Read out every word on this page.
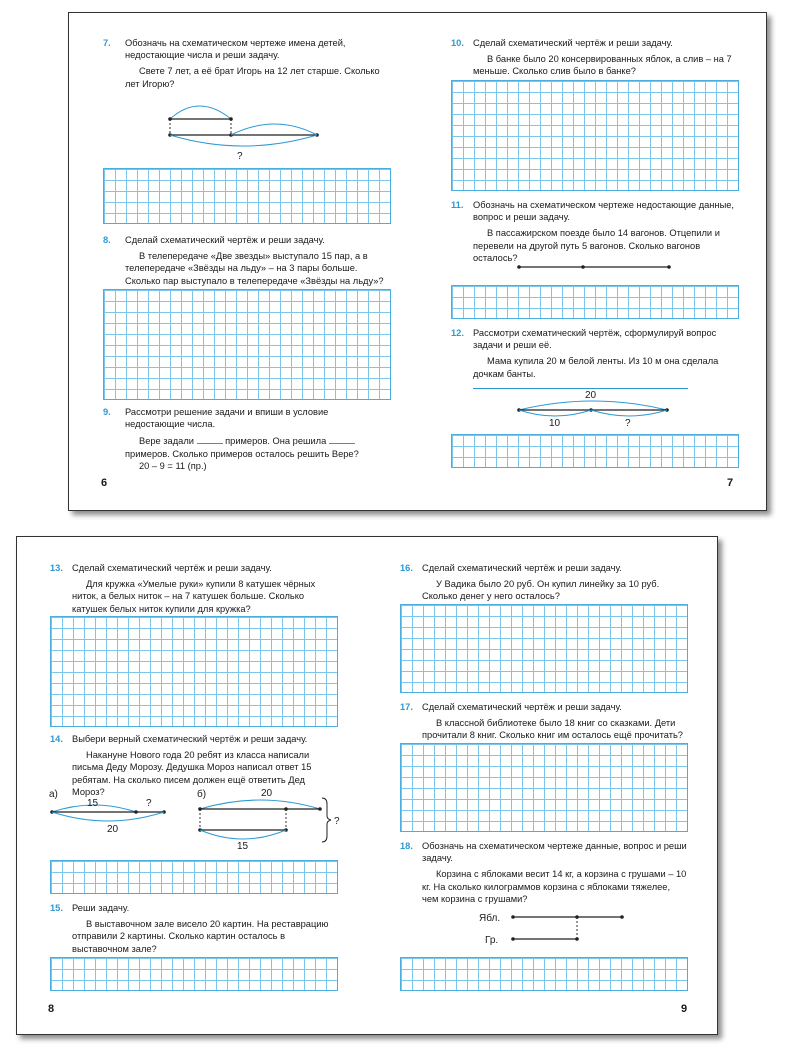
7.	Обозначь на схематическом чертеже имена детей, недостающие числа и реши задачу.

Свете 7 лет, а её брат Игорь на 12 лет старше. Сколько лет Игорю?

?
8.	Сделай схематический чертёж и реши задачу.

В телепередаче «Две звезды» выступало 15 пар, а в телепередаче «Звёзды на льду» – на 3 пары больше. Сколько пар выступало в телепередаче «Звёзды на льду»?

9.	Рассмотри решение задачи и впиши в условие недостающие числа.

Вере задали	примеров. Она решила  примеров. Сколько примеров осталось решить Вере?

20 – 9 = 11 (пр.)

6
10. Сделай схематический чертёж и реши задачу.

В банке было 20 консервированных яблок, а слив – на 7 меньше. Сколько слив было в банке?

11.	Обозначь на схематическом чертеже недостающие данные, вопрос и реши задачу.

В пассажирском поезде было 14 вагонов. Отцепили и перевели на другой путь 5 вагонов. Сколько вагонов осталось?

12. Рассмотри схематический чертёж, сформулируй вопрос задачи и реши её.

Мама купила 20 м белой ленты. Из 10 м она сделала дочкам банты.

20
10	?
7
13. Сделай схематический чертёж и реши задачу.

Для кружка «Умелые руки» купили 8 катушек чёрных ниток, а белых ниток – на 7 катушек больше. Сколько катушек белых ниток купили для кружка?

14. Выбери верный схематический чертёж и реши задачу.

Накануне Нового года 20 ребят из класса написали письма Деду Морозу. Дедушка Мороз написал ответ 15 ребятам. На сколько писем должен ещё ответить Дед Мороз?

а)
15	?
20
б)	20
15
?
15. Реши задачу.

В выставочном зале висело 20 картин. На реставрацию отправили 2 картины. Сколько картин осталось в выставочном зале?

8
16. Сделай схематический чертёж и реши задачу.

У Вадика было 20 руб. Он купил линейку за 10 руб. Сколько денег у него осталось?

17. Сделай схематический чертёж и реши задачу.

В классной библиотеке было 18 книг со сказками. Дети прочитали 8 книг. Сколько книг им осталось ещё прочитать?

18. Обозначь на схематическом чертеже данные, вопрос и реши задачу.

Корзина с яблоками весит 14 кг, а корзина с грушами – 10 кг. На сколько килограммов корзина с яблоками тяжелее, чем корзина с грушами?

Ябл.
Гр.
9
